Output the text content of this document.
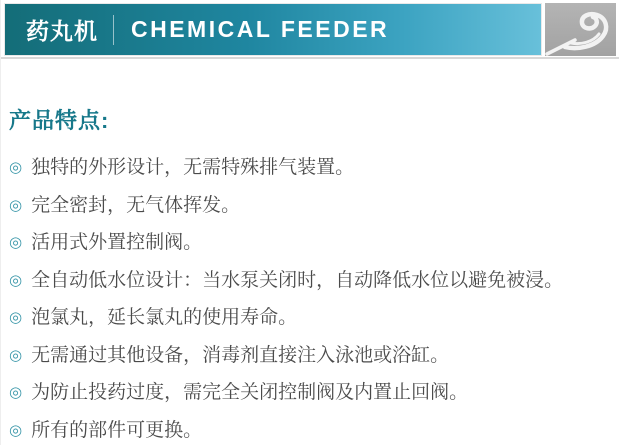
药丸机 CHEMICAL FEEDER
产品特点:
◎ 独特的外形设计，无需特殊排气装置。
◎ 完全密封，无气体挥发。
◎ 活用式外置控制阀。
◎ 全自动低水位设计：当水泵关闭时，自动降低水位以避免被浸。
◎ 泡氯丸，延长氯丸的使用寿命。
◎ 无需通过其他设备，消毒剂直接注入泳池或浴缸。
◎ 为防止投药过度，需完全关闭控制阀及内置止回阀。
◎ 所有的部件可更换。
